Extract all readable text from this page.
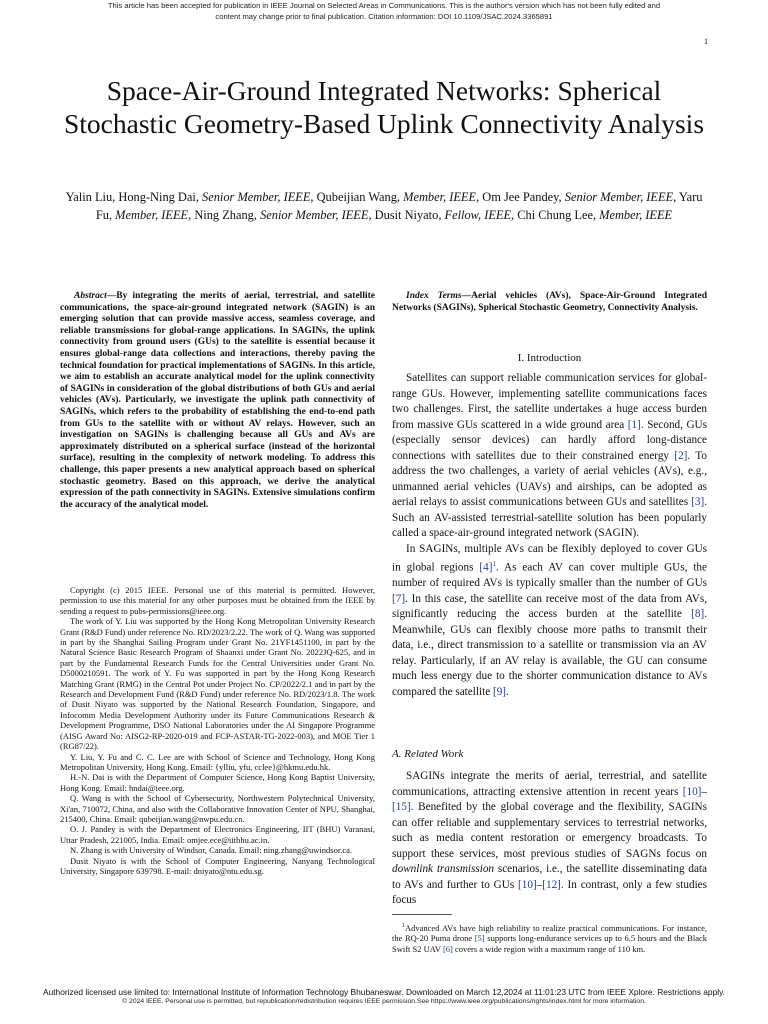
This article has been accepted for publication in IEEE Journal on Selected Areas in Communications. This is the author's version which has not been fully edited and
content may change prior to final publication. Citation information: DOI 10.1109/JSAC.2024.3365891
1
Space-Air-Ground Integrated Networks: Spherical Stochastic Geometry-Based Uplink Connectivity Analysis
Yalin Liu, Hong-Ning Dai, Senior Member, IEEE, Qubeijian Wang, Member, IEEE, Om Jee Pandey, Senior Member, IEEE, Yaru Fu, Member, IEEE, Ning Zhang, Senior Member, IEEE, Dusit Niyato, Fellow, IEEE, Chi Chung Lee, Member, IEEE
Abstract—By integrating the merits of aerial, terrestrial, and satellite communications, the space-air-ground integrated network (SAGIN) is an emerging solution that can provide massive access, seamless coverage, and reliable transmissions for global-range applications. In SAGINs, the uplink connectivity from ground users (GUs) to the satellite is essential because it ensures global-range data collections and interactions, thereby paving the technical foundation for practical implementations of SAGINs. In this article, we aim to establish an accurate analytical model for the uplink connectivity of SAGINs in consideration of the global distributions of both GUs and aerial vehicles (AVs). Particularly, we investigate the uplink path connectivity of SAGINs, which refers to the probability of establishing the end-to-end path from GUs to the satellite with or without AV relays. However, such an investigation on SAGINs is challenging because all GUs and AVs are approximately distributed on a spherical surface (instead of the horizontal surface), resulting in the complexity of network modeling. To address this challenge, this paper presents a new analytical approach based on spherical stochastic geometry. Based on this approach, we derive the analytical expression of the path connectivity in SAGINs. Extensive simulations confirm the accuracy of the analytical model.

Copyright (c) 2015 IEEE. Personal use of this material is permitted. However, permission to use this material for any other purposes must be obtained from the IEEE by sending a request to pubs-permissions@ieee.org.

The work of Y. Liu was supported by the Hong Kong Metropolitan University Research Grant (R&D Fund) under reference No. RD/2023/2.22. The work of Q. Wang was supported in part by the Shanghai Sailing Program under Grant No. 21YF1451100, in part by the Natural Science Basic Research Program of Shaanxi under Grant No. 2022JQ-625, and in part by the Fundamental Research Funds for the Central Universities under Grant No. D5000210591. The work of Y. Fu was supported in part by the Hong Kong Research Matching Grant (RMG) in the Central Pot under Project No. CP/2022/2.1 and in part by the Research and Development Fund (R&D Fund) under reference No. RD/2023/1.8. The work of Dusit Niyato was supported by the National Research Foundation, Singapore, and Infocomm Media Development Authority under its Future Communications Research & Development Programme, DSO National Laboratories under the AI Singapore Programme (AISG Award No: AISG2-RP-2020-019 and FCP-ASTAR-TG-2022-003), and MOE Tier 1 (RG87/22).

Y. Liu, Y. Fu and C. C. Lee are with School of Science and Technology, Hong Kong Metropolitan University, Hong Kong. Email: {ylliu, yfu, cclee}@hkmu.edu.hk.

H.-N. Dai is with the Department of Computer Science, Hong Kong Baptist University, Hong Kong. Email: hndai@ieee.org.

Q. Wang is with the School of Cybersecurity, Northwestern Polytechnical University, Xi'an, 710072, China, and also with the Collaborative Innovation Center of NPU, Shanghai, 215400, China. Email: qubeijian.wang@nwpu.edu.cn.

O. J. Pandey is with the Department of Electronics Engineering, IIT (BHU) Varanasi, Uttar Pradesh, 221005, India. Email: omjee.ece@iitbhu.ac.in.

N. Zhang is with University of Windsor, Canada. Email: ning.zhang@uwindsor.ca.

Dusit Niyato is with the School of Computer Engineering, Nanyang Technological University, Singapore 639798. E-mail: dniyato@ntu.edu.sg.

Index Terms—Aerial vehicles (AVs), Space-Air-Ground Integrated Networks (SAGINs), Spherical Stochastic Geometry, Connectivity Analysis.
I. Introduction

Satellites can support reliable communication services for global-range GUs. However, implementing satellite communications faces two challenges. First, the satellite undertakes a huge access burden from massive GUs scattered in a wide ground area [1]. Second, GUs (especially sensor devices) can hardly afford long-distance connections with satellites due to their constrained energy [2]. To address the two challenges, a variety of aerial vehicles (AVs), e.g., unmanned aerial vehicles (UAVs) and airships, can be adopted as aerial relays to assist communications between GUs and satellites [3]. Such an AV-assisted terrestrial-satellite solution has been popularly called a space-air-ground integrated network (SAGIN).

In SAGINs, multiple AVs can be flexibly deployed to cover GUs in global regions [4]$^1$. As each AV can cover multiple GUs, the number of required AVs is typically smaller than the number of GUs [7]. In this case, the satellite can receive most of the data from AVs, significantly reducing the access burden at the satellite [8]. Meanwhile, GUs can flexibly choose more paths to transmit their data, i.e., direct transmission to a satellite or transmission via an AV relay. Particularly, if an AV relay is available, the GU can consume much less energy due to the shorter communication distance to AVs compared the satellite [9].

A. Related Work

SAGINs integrate the merits of aerial, terrestrial, and satellite communications, attracting extensive attention in recent years [10]–[15]. Benefited by the global coverage and the flexibility, SAGINs can offer reliable and supplementary services to terrestrial networks, such as media content restoration or emergency broadcasts. To support these services, most previous studies of SAGNs focus on downlink transmission scenarios, i.e., the satellite disseminating data to AVs and further to GUs [10]–[12]. In contrast, only a few studies focus

$^1$Advanced AVs have high reliability to realize practical communications. For instance, the RQ-20 Puma drone [5] supports long-endurance services up to 6.5 hours and the Black Swift S2 UAV [6] covers a wide region with a maximum range of 110 km.
Authorized licensed use limited to: International Institute of Information Technology Bhubaneswar. Downloaded on March 12,2024 at 11:01:23 UTC from IEEE Xplore. Restrictions apply.
© 2024 IEEE. Personal use is permitted, but republication/redistribution requires IEEE permission.See https://www.ieee.org/publications/rights/index.html for more information.
